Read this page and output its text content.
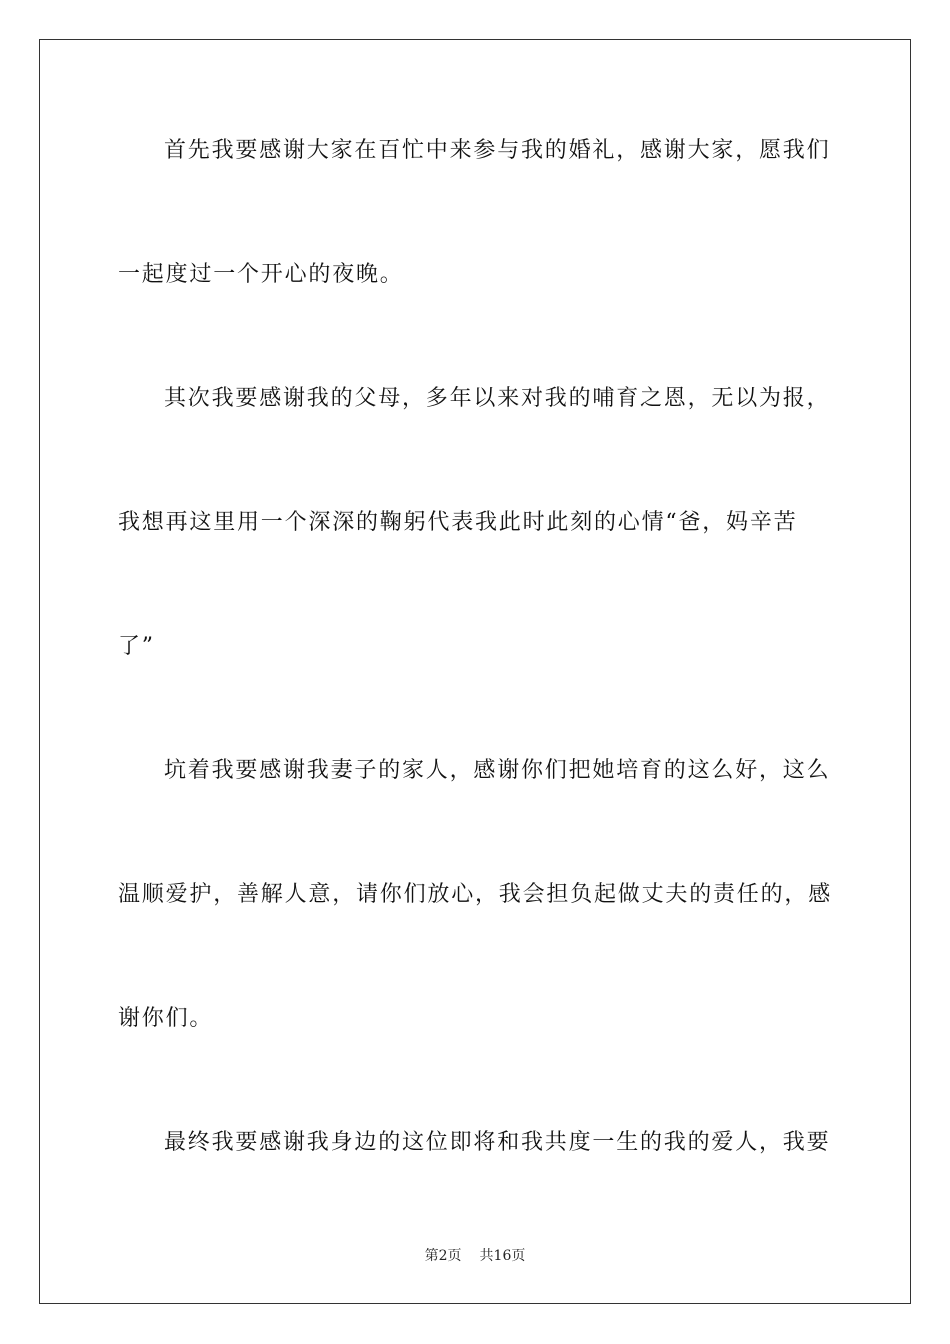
首先我要感谢大家在百忙中来参与我的婚礼，感谢大家，愿我们
一起度过一个开心的夜晚。
其次我要感谢我的父母，多年以来对我的哺育之恩，无以为报，
我想再这里用一个深深的鞠躬代表我此时此刻的心情“爸，妈辛苦
了”
坑着我要感谢我妻子的家人，感谢你们把她培育的这么好，这么
温顺爱护，善解人意，请你们放心，我会担负起做丈夫的责任的，感
谢你们。
最终我要感谢我身边的这位即将和我共度一生的我的爱人，我要
第2页 共16页
